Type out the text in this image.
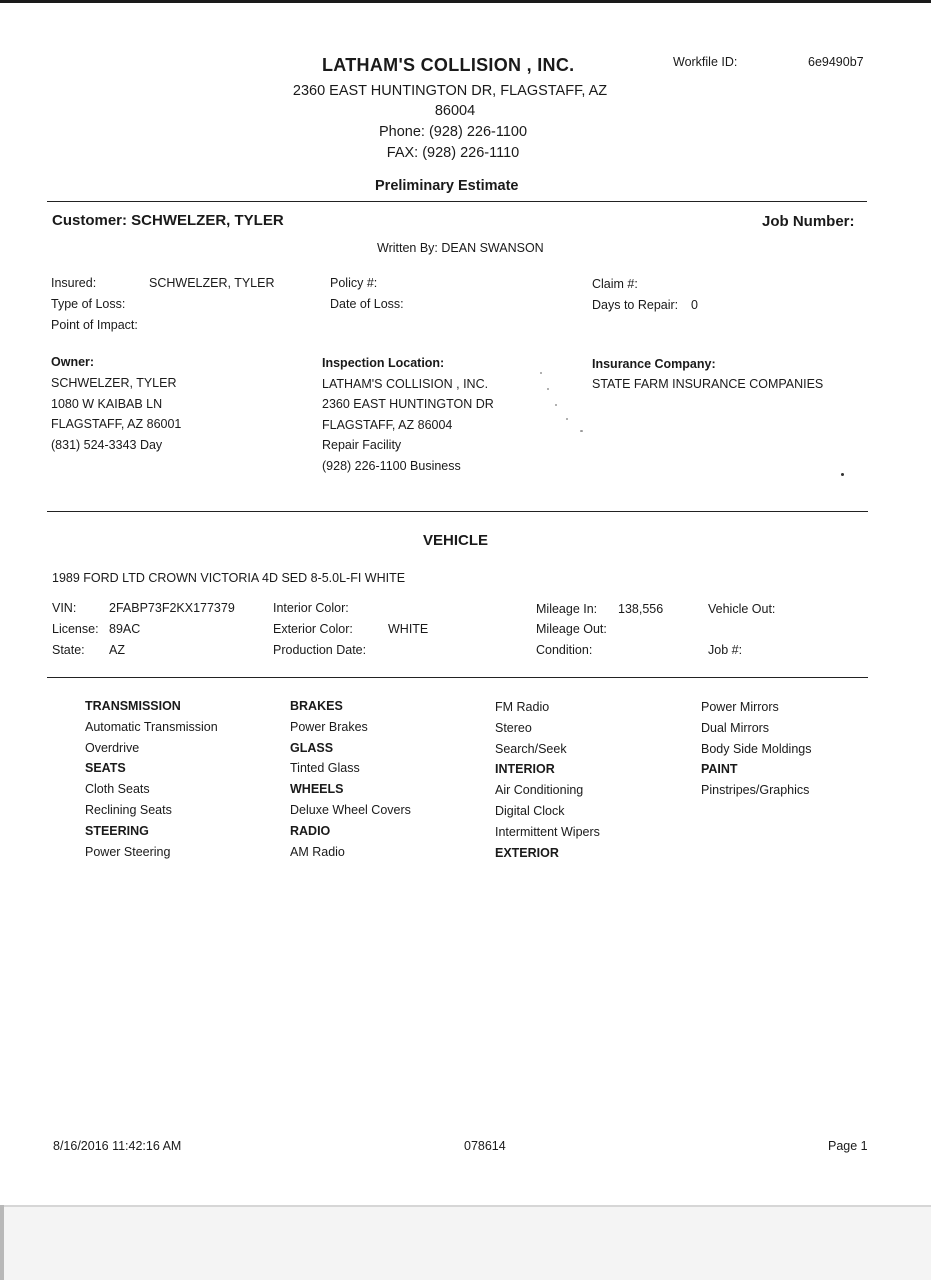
LATHAM'S COLLISION , INC.
2360 EAST HUNTINGTON DR, FLAGSTAFF, AZ
86004
Phone: (928) 226-1100
FAX: (928) 226-1110
Workfile ID:	6e9490b7
Preliminary Estimate
Customer: SCHWELZER, TYLER	Job Number:
Written By: DEAN SWANSON
Insured:	SCHWELZER, TYLER
Type of Loss:
Point of Impact:
Policy #:
Date of Loss:
Claim #:
Days to Repair: 0
Owner:
SCHWELZER, TYLER
1080 W KAIBAB LN
FLAGSTAFF, AZ 86001
(831) 524-3343 Day
Inspection Location:
LATHAM'S COLLISION , INC.
2360 EAST HUNTINGTON DR
FLAGSTAFF, AZ 86004
Repair Facility
(928) 226-1100 Business
Insurance Company:
STATE FARM INSURANCE COMPANIES
VEHICLE
1989 FORD LTD CROWN VICTORIA 4D SED 8-5.0L-FI WHITE
VIN:	2FABP73F2KX177379
License: 89AC
State: AZ
Interior Color:
Exterior Color:	WHITE
Production Date:
Mileage In: 138,556
Mileage Out:
Condition:
Vehicle Out:
Job #:
TRANSMISSION
Automatic Transmission
Overdrive
SEATS
Cloth Seats
Reclining Seats
STEERING
Power Steering
BRAKES
Power Brakes
GLASS
Tinted Glass
WHEELS
Deluxe Wheel Covers
RADIO
AM Radio
FM Radio
Stereo
Search/Seek
INTERIOR
Air Conditioning
Digital Clock
Intermittent Wipers
EXTERIOR
Power Mirrors
Dual Mirrors
Body Side Moldings
PAINT
Pinstripes/Graphics
8/16/2016 11:42:16 AM	078614	Page 1
